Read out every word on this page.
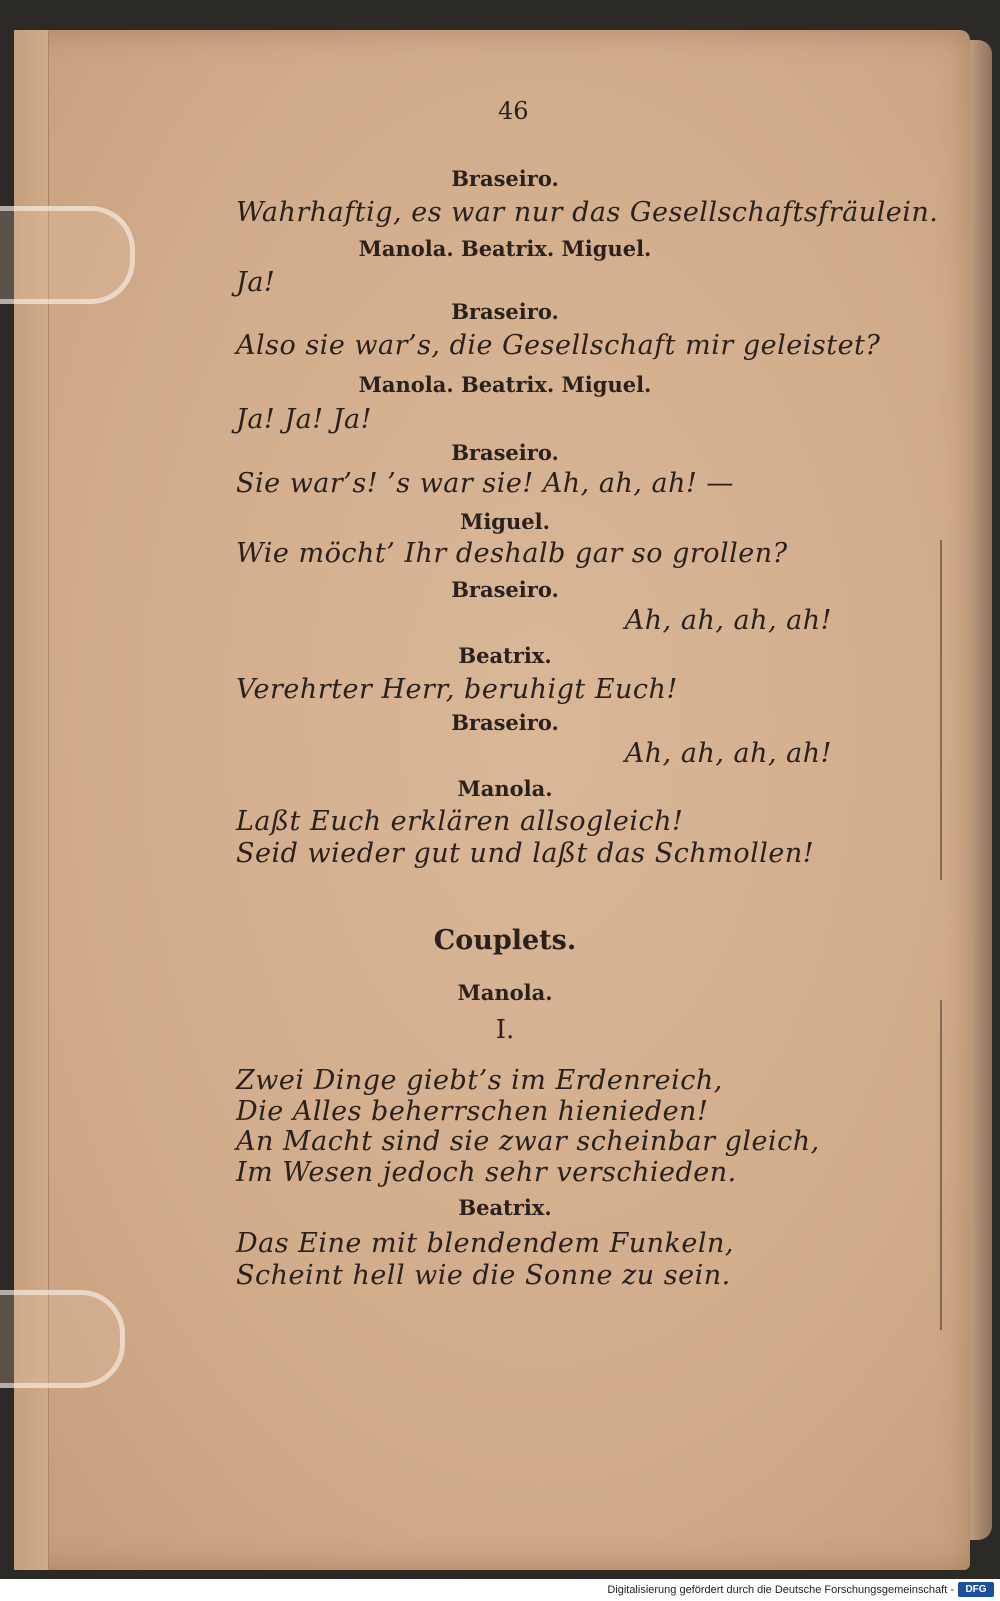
46
Braseiro.
Wahrhaftig, es war nur das Gesellschaftsfräulein.
Manola. Beatrix. Miguel.
Ja!
Braseiro.
Also sie war’s, die Gesellschaft mir geleistet?
Manola. Beatrix. Miguel.
Ja! Ja! Ja!
Braseiro.
Sie war’s! ’s war sie! Ah, ah, ah! —
Miguel.
Wie möcht’ Ihr deshalb gar so grollen?
Braseiro.
Ah, ah, ah, ah!
Beatrix.
Verehrter Herr, beruhigt Euch!
Braseiro.
Ah, ah, ah, ah!
Manola.
Laßt Euch erklären allsogleich!
Seid wieder gut und laßt das Schmollen!
Couplets.
Manola.
I.
Zwei Dinge giebt’s im Erdenreich,
Die Alles beherrschen hienieden!
An Macht sind sie zwar scheinbar gleich,
Im Wesen jedoch sehr verschieden.
Beatrix.
Das Eine mit blendendem Funkeln,
Scheint hell wie die Sonne zu sein.
Digitalisierung gefördert durch die Deutsche Forschungsgemeinschaft -	DFG
